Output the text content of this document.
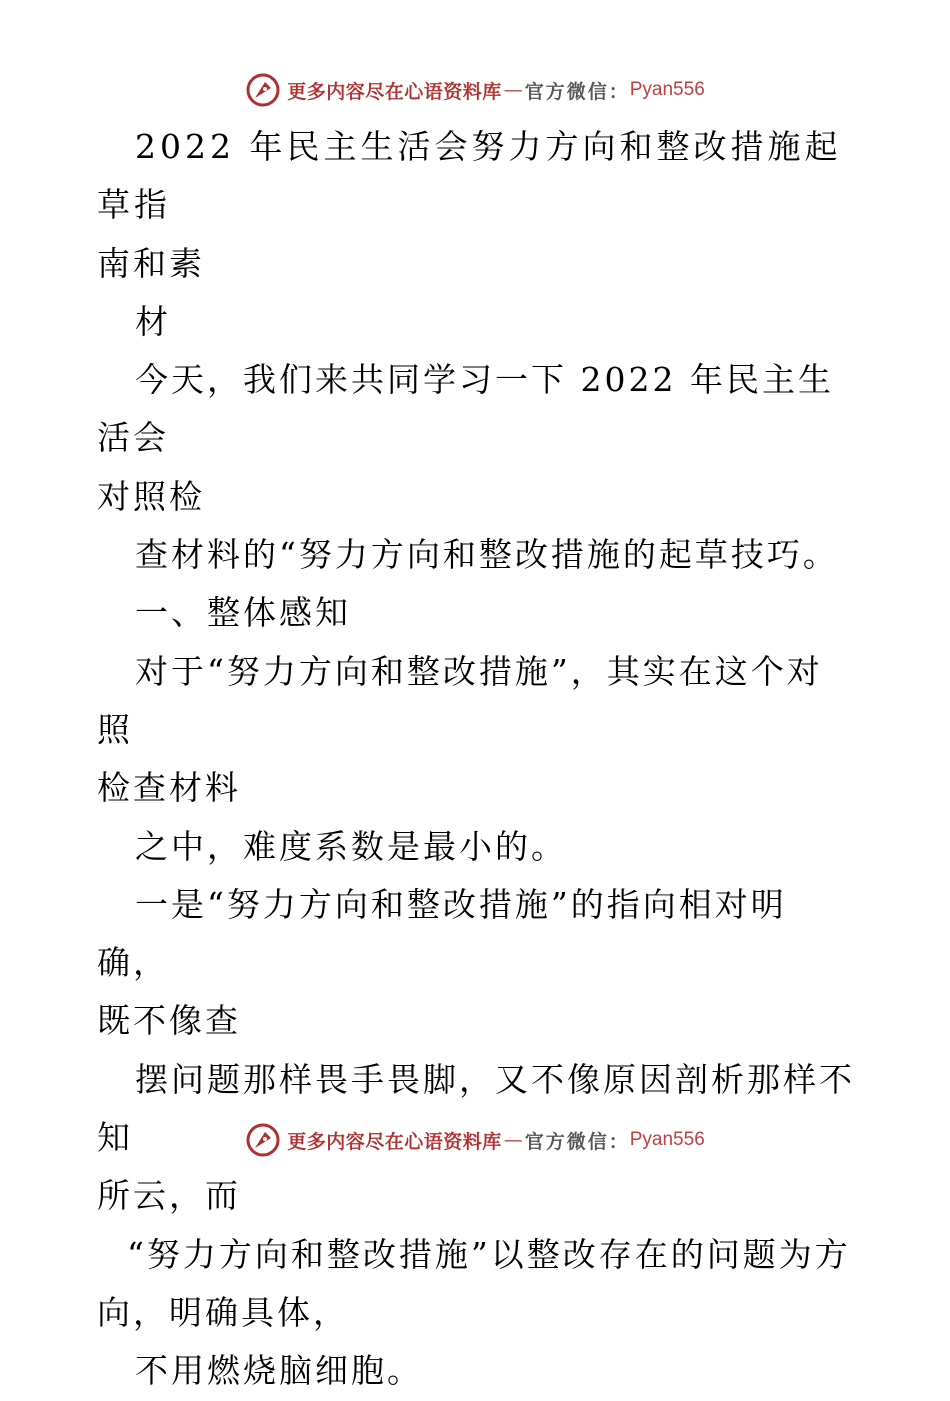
更多内容尽在心语资料库 — 官方微信： Pyan556

2022 年民主生活会努力方向和整改措施起草指

南和素

材

今天，我们来共同学习一下 2022 年民主生活会

对照检

查材料的“努力方向和整改措施的起草技巧。

一、整体感知

对于“努力方向和整改措施”，其实在这个对照

检查材料

之中，难度系数是最小的。

一是“努力方向和整改措施”的指向相对明确，

既不像查

摆问题那样畏手畏脚，又不像原因剖析那样不知

所云，而

“努力方向和整改措施”以整改存在的问题为方

向，明确具体，

不用燃烧脑细胞。

更多内容尽在心语资料库 — 官方微信： Pyan556
